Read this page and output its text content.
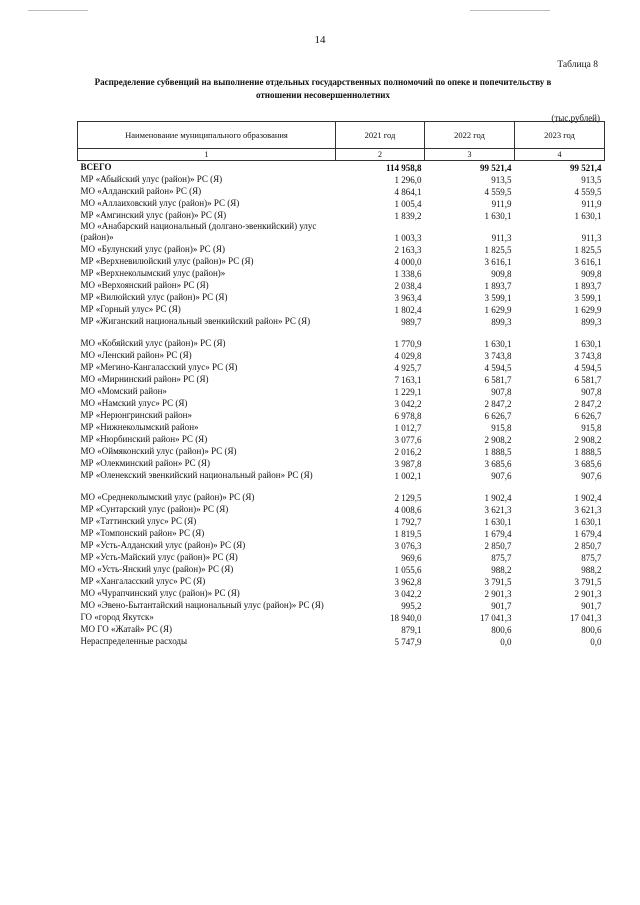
14
Таблица 8
Распределение субвенций на выполнение отдельных государственных полномочий по опеке и попечительству в отношении несовершеннолетних
(тыс.рублей)
Наименование муниципального образования	2021 год	2022 год	2023 год
1	2	3	4
ВСЕГО	114 958,8	99 521,4	99 521,4
МР «Абыйский улус (район)» РС (Я)	1 296,0	913,5	913,5
МО «Алданский район» РС (Я)	4 864,1	4 559,5	4 559,5
МО «Аллаиховский улус (район)» РС (Я)	1 005,4	911,9	911,9
МР «Амгинский улус (район)» РС (Я)	1 839,2	1 630,1	1 630,1
МО «Анабарский национальный (долгано-эвенкийский) улус (район)»	1 003,3	911,3	911,3
МО «Булунский улус (район)» РС (Я)	2 163,3	1 825,5	1 825,5
МР «Верхневилюйский улус (район)» РС (Я)	4 000,0	3 616,1	3 616,1
МР «Верхнеколымский улус (район)»	1 338,6	909,8	909,8
МО «Верхоянский район» РС (Я)	2 038,4	1 893,7	1 893,7
МР «Вилюйский улус (район)» РС (Я)	3 963,4	3 599,1	3 599,1
МР «Горный улус» РС (Я)	1 802,4	1 629,9	1 629,9
МР «Жиганский национальный эвенкийский район» РС (Я)	989,7	899,3	899,3

МО «Кобяйский улус (район)» РС (Я)	1 770,9	1 630,1	1 630,1
МО «Ленский район» РС (Я)	4 029,8	3 743,8	3 743,8
МР «Мегино-Кангаласский улус» РС (Я)	4 925,7	4 594,5	4 594,5
МО «Мирнинский район» РС (Я)	7 163,1	6 581,7	6 581,7
МО «Момский район»	1 229,1	907,8	907,8
МО «Намский улус» РС (Я)	3 042,2	2 847,2	2 847,2
МР «Нерюнгринский район»	6 978,8	6 626,7	6 626,7
МР «Нижнеколымский район»	1 012,7	915,8	915,8
МР «Нюрбинский район» РС (Я)	3 077,6	2 908,2	2 908,2
МО «Оймяконский улус (район)» РС (Я)	2 016,2	1 888,5	1 888,5
МР «Олекминский район» РС (Я)	3 987,8	3 685,6	3 685,6
МР «Оленекский эвенкийский национальный район» РС (Я)	1 002,1	907,6	907,6

МО «Среднеколымский улус (район)» РС (Я)	2 129,5	1 902,4	1 902,4
МР «Сунтарский улус (район)» РС (Я)	4 008,6	3 621,3	3 621,3
МР «Таттинский улус» РС (Я)	1 792,7	1 630,1	1 630,1
МР «Томпонский район» РС (Я)	1 819,5	1 679,4	1 679,4
МР «Усть-Алданский улус (район)» РС (Я)	3 076,3	2 850,7	2 850,7
МР «Усть-Майский улус (район)» РС (Я)	969,6	875,7	875,7
МО «Усть-Янский улус (район)» РС (Я)	1 055,6	988,2	988,2
МР «Хангаласский улус» РС (Я)	3 962,8	3 791,5	3 791,5
МО «Чурапчинский улус (район)» РС (Я)	3 042,2	2 901,3	2 901,3
МО «Эвено-Бытантайский национальный улус (район)» РС (Я)	995,2	901,7	901,7
ГО «город Якутск»	18 940,0	17 041,3	17 041,3
МО ГО «Жатай» РС (Я)	879,1	800,6	800,6
Нераспределенные расходы	5 747,9	0,0	0,0
